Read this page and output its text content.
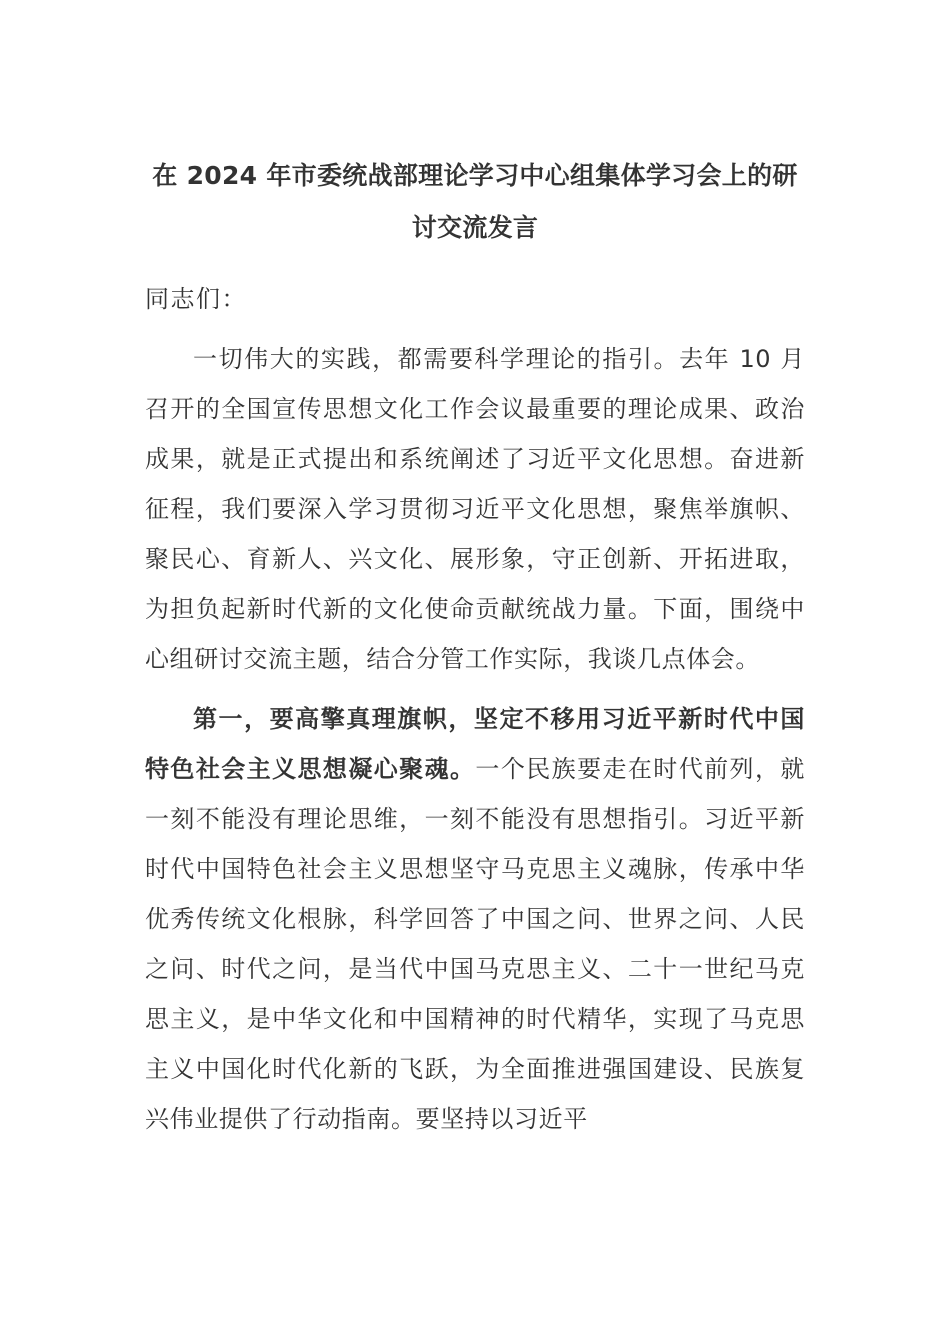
在 2024 年市委统战部理论学习中心组集体学习会上的研
讨交流发言

同志们：

一切伟大的实践，都需要科学理论的指引。去年 10 月召开的全国宣传思想文化工作会议最重要的理论成果、政治成果，就是正式提出和系统阐述了习近平文化思想。奋进新征程，我们要深入学习贯彻习近平文化思想，聚焦举旗帜、聚民心、育新人、兴文化、展形象，守正创新、开拓进取，为担负起新时代新的文化使命贡献统战力量。下面，围绕中心组研讨交流主题，结合分管工作实际，我谈几点体会。

第一，要高擎真理旗帜，坚定不移用习近平新时代中国特色社会主义思想凝心聚魂。一个民族要走在时代前列，就一刻不能没有理论思维，一刻不能没有思想指引。习近平新时代中国特色社会主义思想坚守马克思主义魂脉，传承中华优秀传统文化根脉，科学回答了中国之问、世界之问、人民之问、时代之问，是当代中国马克思主义、二十一世纪马克思主义，是中华文化和中国精神的时代精华，实现了马克思主义中国化时代化新的飞跃，为全面推进强国建设、民族复兴伟业提供了行动指南。要坚持以习近平
